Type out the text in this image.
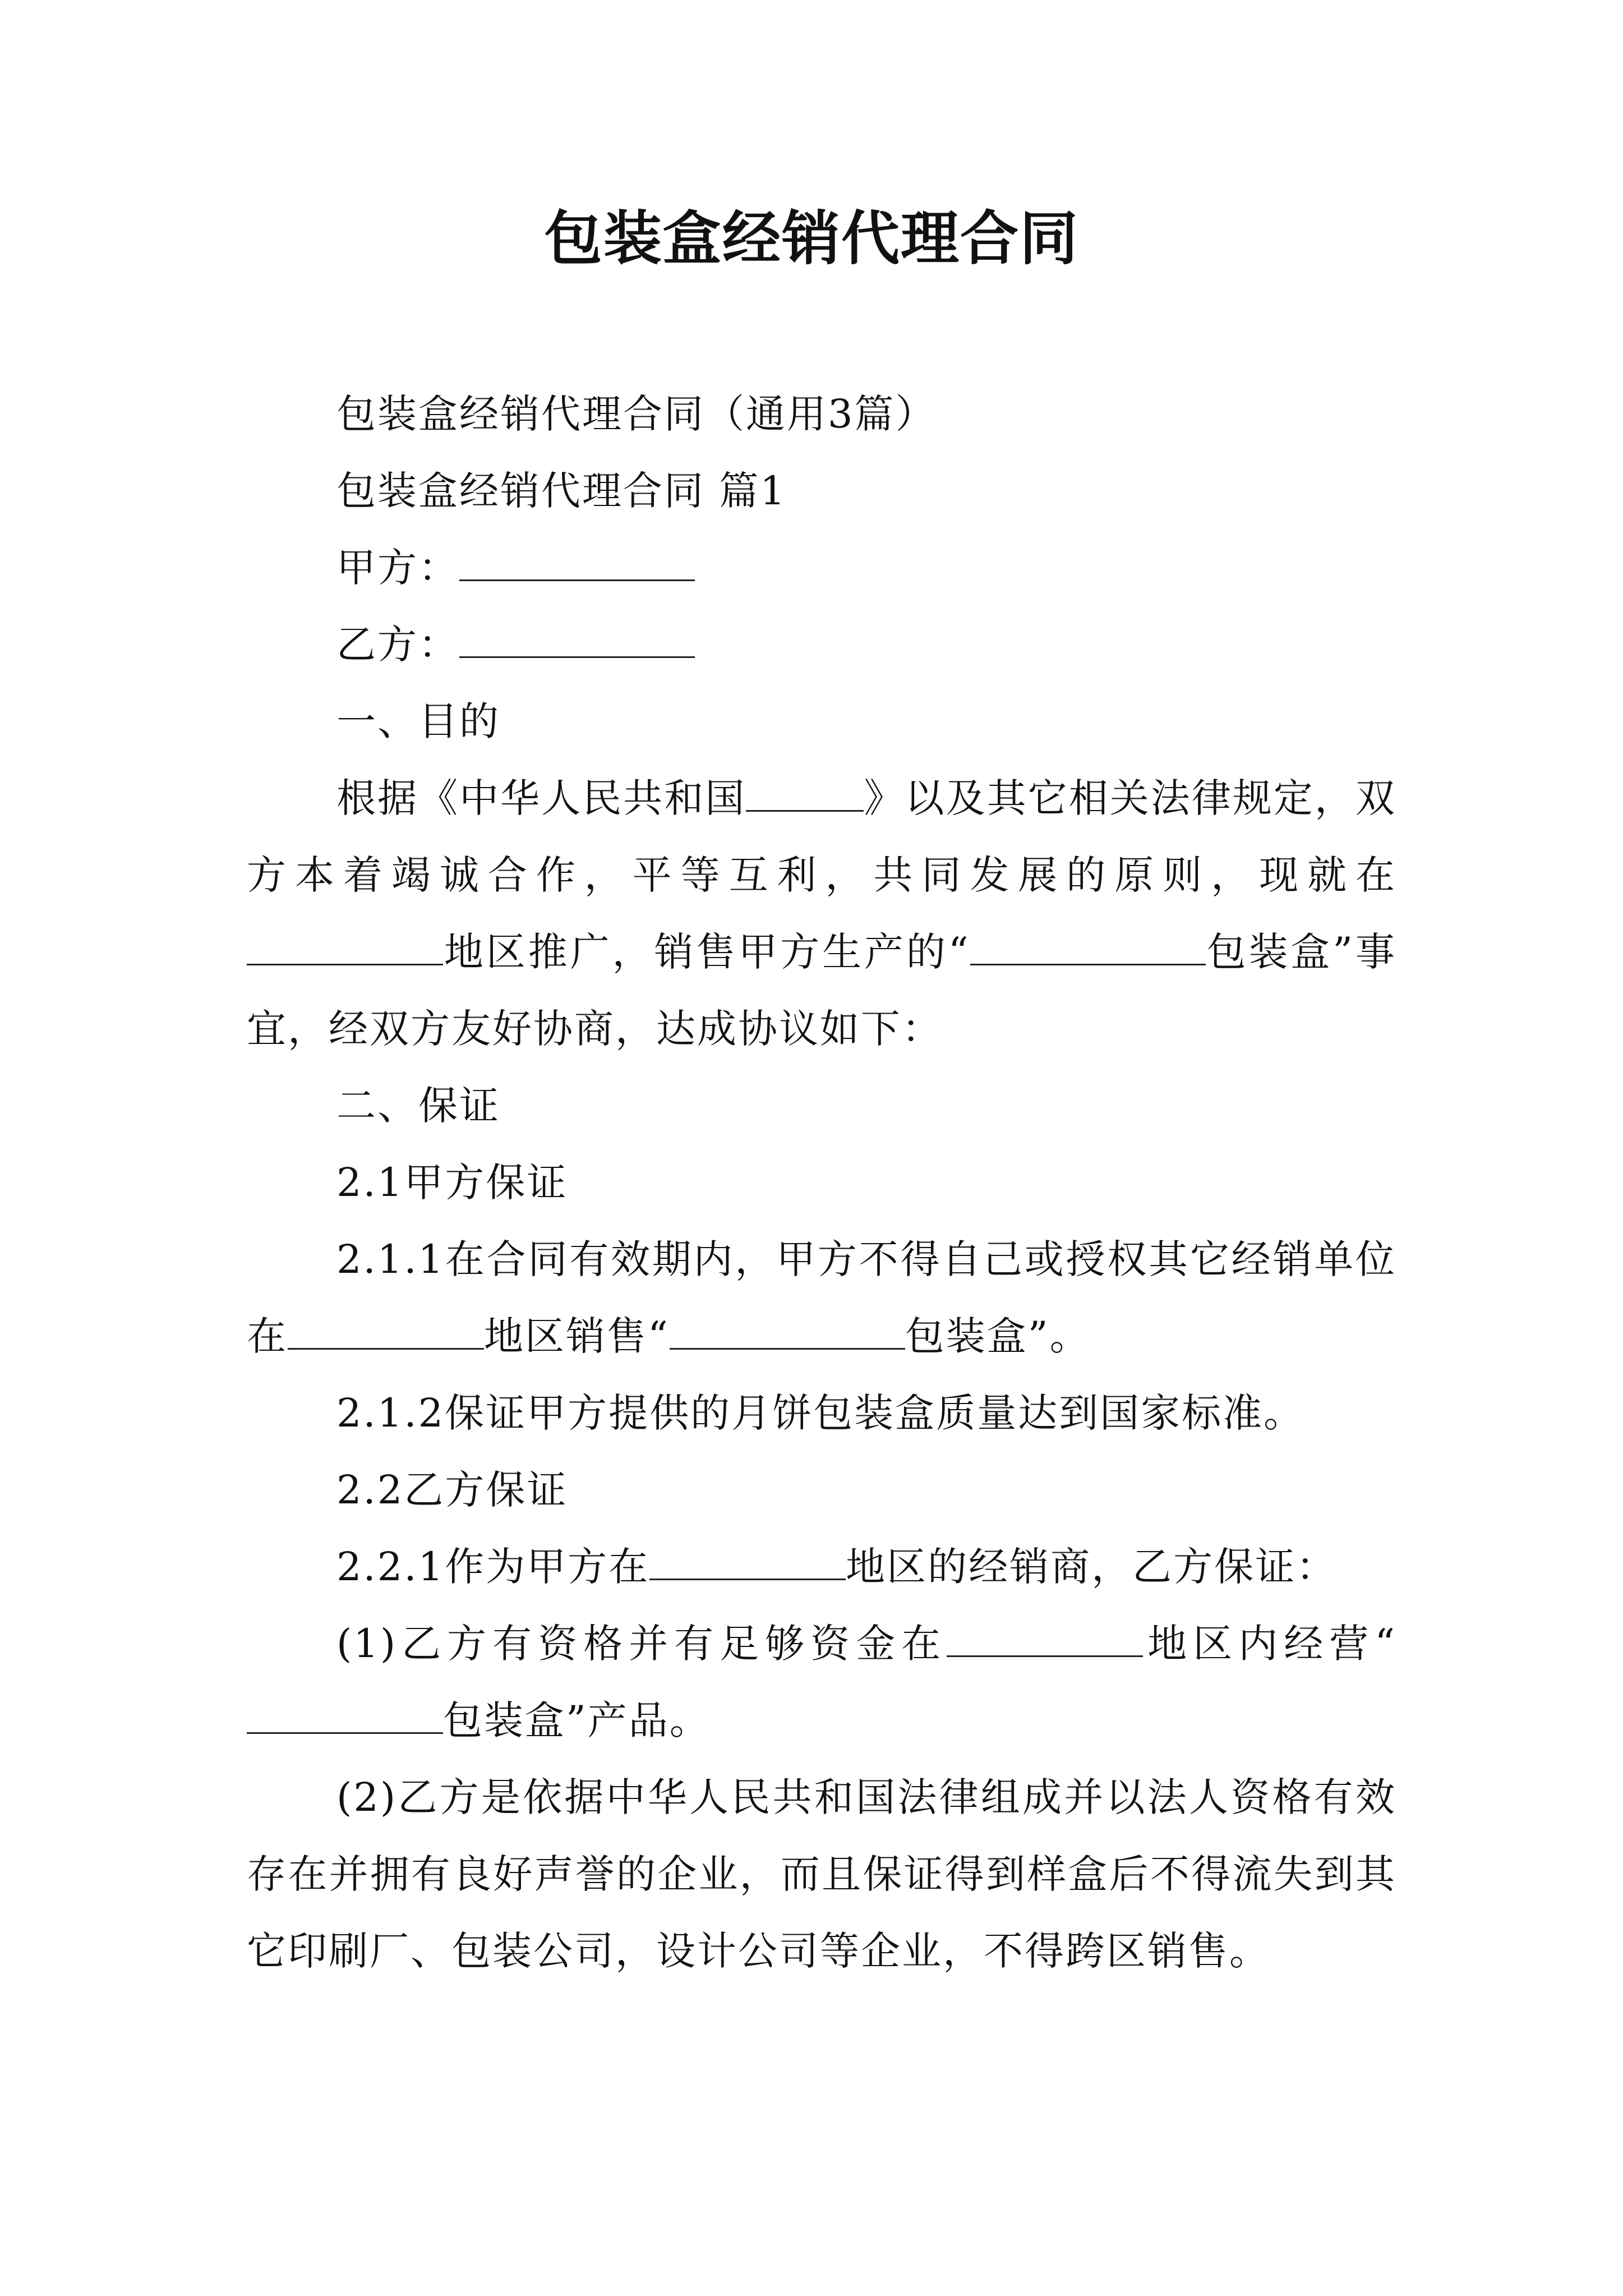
包装盒经销代理合同

包装盒经销代理合同（通用3篇）

包装盒经销代理合同 篇1

甲方：

乙方：

一、目的

根据《中华人民共和国	》以及其它相关法律规定，双方本着竭诚合作，平等互利，共同发展的原则，现就在地区推广，销售甲方生产的“	包装盒”事宜，经双方友好协商，达成协议如下：

二、保证

2.1甲方保证

2.1.1在合同有效期内，甲方不得自己或授权其它经销单位在	地区销售“	包装盒”。

2.1.2保证甲方提供的月饼包装盒质量达到国家标准。

2.2乙方保证

2.2.1作为甲方在	地区的经销商，乙方保证：

(1)乙方有资格并有足够资金在	地区内经营“包装盒”产品。

(2)乙方是依据中华人民共和国法律组成并以法人资格有效存在并拥有良好声誉的企业，而且保证得到样盒后不得流失到其它印刷厂、包装公司，设计公司等企业，不得跨区销售。
